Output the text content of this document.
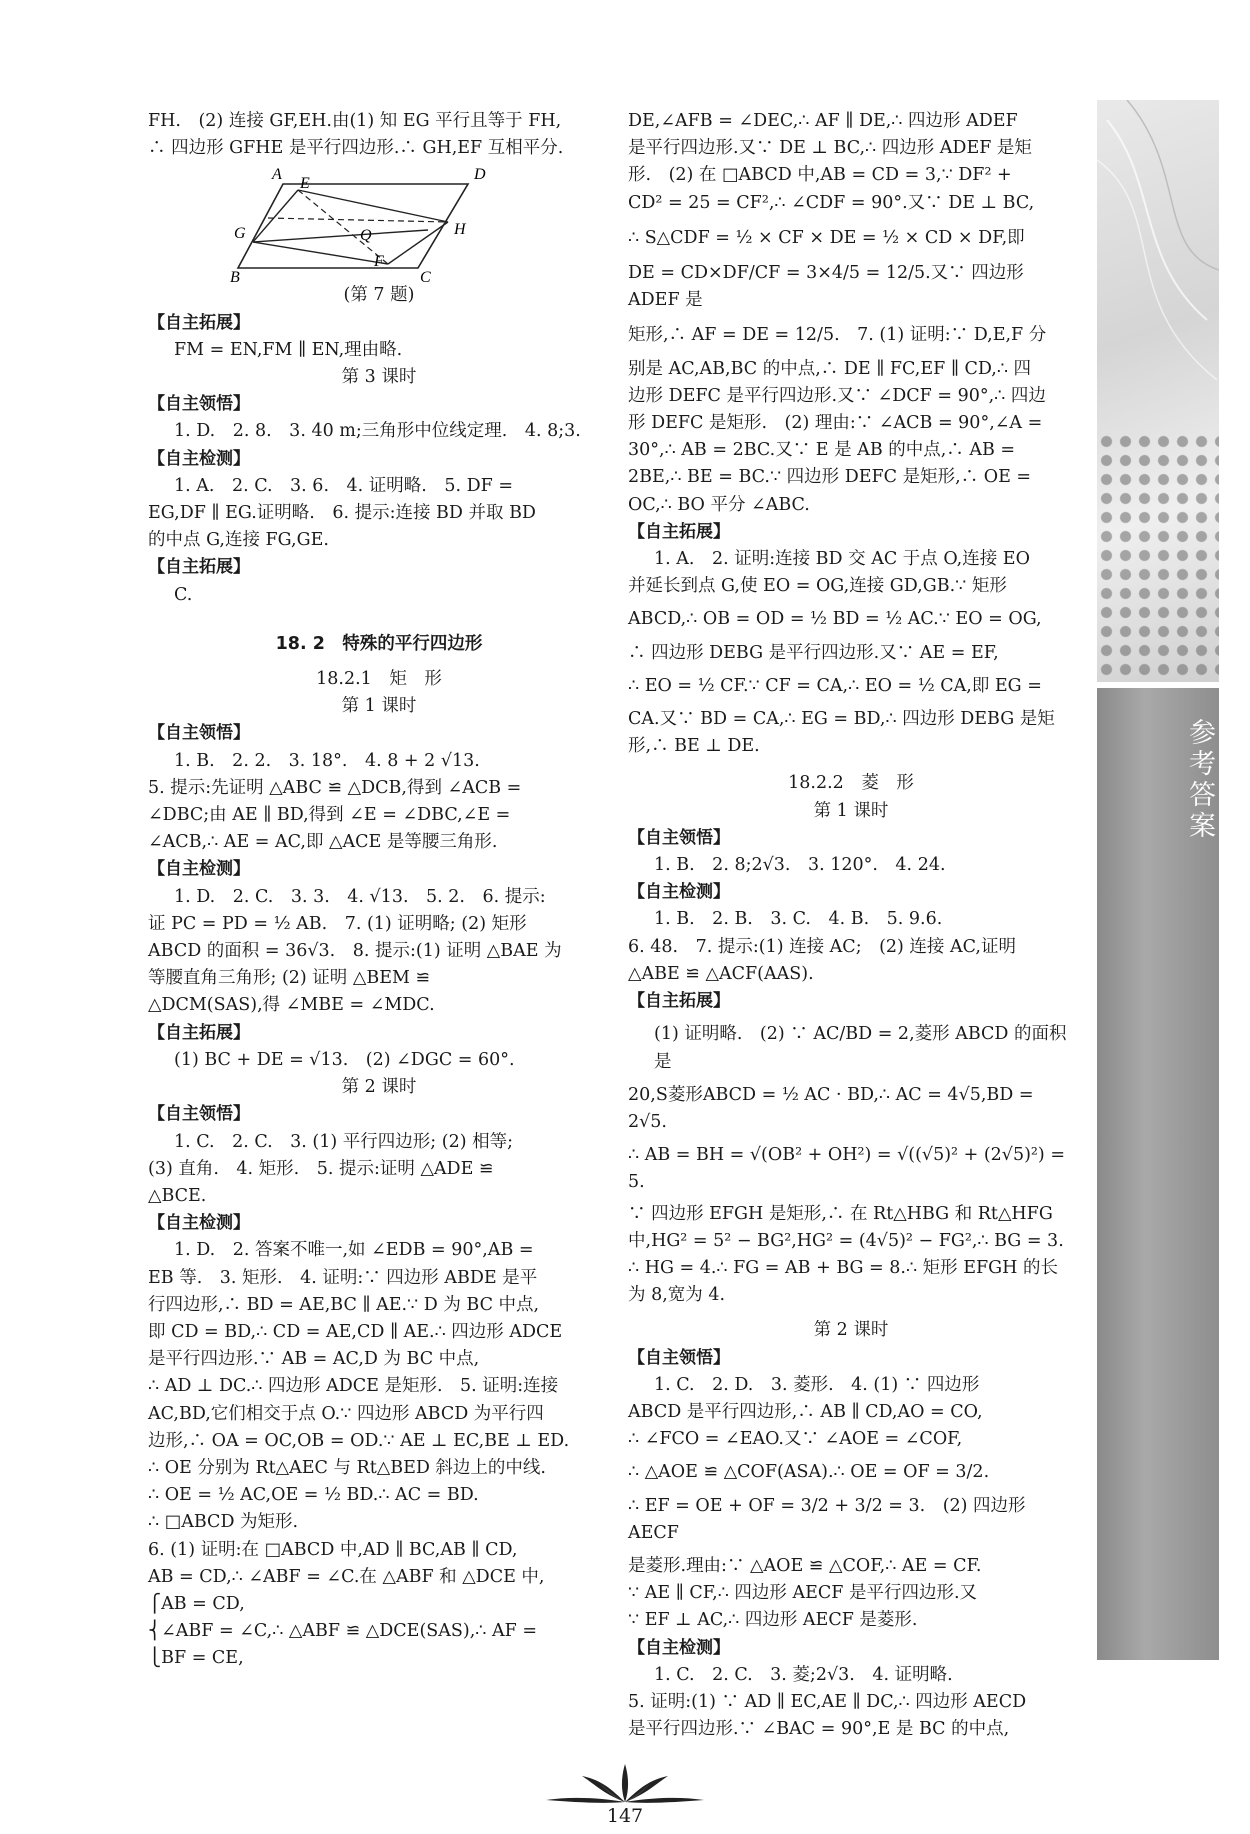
参考答案

FH.　(2) 连接 GF,EH.由(1) 知 EG 平行且等于 FH,

∴ 四边形 GFHE 是平行四边形.∴ GH,EF 互相平分.

A	D
E
G	Q	H
F
B	C

(第 7 题)

【自主拓展】

FM = EN,FM ∥ EN,理由略.

第 3 课时

【自主领悟】

1. D.　2. 8.　3. 40 m;三角形中位线定理.　4. 8;3.

【自主检测】

1. A.　2. C.　3. 6.　4. 证明略.　5. DF =

EG,DF ∥ EG.证明略.　6. 提示:连接 BD 并取 BD

的中点 G,连接 FG,GE.

【自主拓展】

C.

18. 2　特殊的平行四边形

18.2.1　矩　形

第 1 课时

【自主领悟】

1. B.　2. 2.　3. 18°.　4. 8 + 2 √13.

5. 提示:先证明 △ABC ≌ △DCB,得到 ∠ACB =

∠DBC;由 AE ∥ BD,得到 ∠E = ∠DBC,∠E =

∠ACB,∴ AE = AC,即 △ACE 是等腰三角形.

【自主检测】

1. D.　2. C.　3. 3.　4. √13.　5. 2.　6. 提示:

证 PC = PD = ½ AB.　7. (1) 证明略; (2) 矩形

ABCD 的面积 = 36√3.　8. 提示:(1) 证明 △BAE 为

等腰直角三角形; (2) 证明 △BEM ≌

△DCM(SAS),得 ∠MBE = ∠MDC.

【自主拓展】

(1) BC + DE = √13.　(2) ∠DGC = 60°.

第 2 课时

【自主领悟】

1. C.　2. C.　3. (1) 平行四边形; (2) 相等;

(3) 直角.　4. 矩形.　5. 提示:证明 △ADE ≌

△BCE.

【自主检测】

1. D.　2. 答案不唯一,如 ∠EDB = 90°,AB =

EB 等.　3. 矩形.　4. 证明:∵ 四边形 ABDE 是平

行四边形,∴ BD = AE,BC ∥ AE.∵ D 为 BC 中点,

即 CD = BD,∴ CD = AE,CD ∥ AE.∴ 四边形 ADCE

是平行四边形.∵ AB = AC,D 为 BC 中点,

∴ AD ⊥ DC.∴ 四边形 ADCE 是矩形.　5. 证明:连接

AC,BD,它们相交于点 O.∵ 四边形 ABCD 为平行四

边形,∴ OA = OC,OB = OD.∵ AE ⊥ EC,BE ⊥ ED.

∴ OE 分别为 Rt△AEC 与 Rt△BED 斜边上的中线.

∴ OE = ½ AC,OE = ½ BD.∴ AC = BD.

∴ □ABCD 为矩形.

6. (1) 证明:在 □ABCD 中,AD ∥ BC,AB ∥ CD,

AB = CD,∴ ∠ABF = ∠C.在 △ABF 和 △DCE 中,

⎧AB = CD,

⎨∠ABF = ∠C,∴ △ABF ≌ △DCE(SAS),∴ AF =

⎩BF = CE,

DE,∠AFB = ∠DEC,∴ AF ∥ DE,∴ 四边形 ADEF

是平行四边形.又∵ DE ⊥ BC,∴ 四边形 ADEF 是矩

形.　(2) 在 □ABCD 中,AB = CD = 3,∵ DF² +

CD² = 25 = CF²,∴ ∠CDF = 90°.又∵ DE ⊥ BC,

∴ S△CDF = ½ × CF × DE = ½ × CD × DF,即

DE = CD×DF/CF = 3×4/5 = 12/5.又∵ 四边形 ADEF 是

矩形,∴ AF = DE = 12/5.　7. (1) 证明:∵ D,E,F 分

别是 AC,AB,BC 的中点,∴ DE ∥ FC,EF ∥ CD,∴ 四

边形 DEFC 是平行四边形.又∵ ∠DCF = 90°,∴ 四边

形 DEFC 是矩形.　(2) 理由:∵ ∠ACB = 90°,∠A =

30°,∴ AB = 2BC.又∵ E 是 AB 的中点,∴ AB =

2BE,∴ BE = BC.∵ 四边形 DEFC 是矩形,∴ OE =

OC,∴ BO 平分 ∠ABC.

【自主拓展】

1. A.　2. 证明:连接 BD 交 AC 于点 O,连接 EO

并延长到点 G,使 EO = OG,连接 GD,GB.∵ 矩形

ABCD,∴ OB = OD = ½ BD = ½ AC.∵ EO = OG,

∴ 四边形 DEBG 是平行四边形.又∵ AE = EF,

∴ EO = ½ CF.∵ CF = CA,∴ EO = ½ CA,即 EG =

CA.又∵ BD = CA,∴ EG = BD,∴ 四边形 DEBG 是矩

形,∴ BE ⊥ DE.

18.2.2　菱　形

第 1 课时

【自主领悟】

1. B.　2. 8;2√3.　3. 120°.　4. 24.

【自主检测】

1. B.　2. B.　3. C.　4. B.　5. 9.6.

6. 48.　7. 提示:(1) 连接 AC;　(2) 连接 AC,证明

△ABE ≌ △ACF(AAS).

【自主拓展】

(1) 证明略.　(2) ∵ AC/BD = 2,菱形 ABCD 的面积是

20,S菱形ABCD = ½ AC · BD,∴ AC = 4√5,BD = 2√5.

∴ AB = BH = √(OB² + OH²) = √((√5)² + (2√5)²) = 5.

∵ 四边形 EFGH 是矩形,∴ 在 Rt△HBG 和 Rt△HFG

中,HG² = 5² − BG²,HG² = (4√5)² − FG²,∴ BG = 3.

∴ HG = 4.∴ FG = AB + BG = 8.∴ 矩形 EFGH 的长

为 8,宽为 4.

第 2 课时

【自主领悟】

1. C.　2. D.　3. 菱形.　4. (1) ∵ 四边形

ABCD 是平行四边形,∴ AB ∥ CD,AO = CO,

∴ ∠FCO = ∠EAO.又∵ ∠AOE = ∠COF,

∴ △AOE ≌ △COF(ASA).∴ OE = OF = 3/2.

∴ EF = OE + OF = 3/2 + 3/2 = 3.　(2) 四边形 AECF

是菱形.理由:∵ △AOE ≌ △COF,∴ AE = CF.

∵ AE ∥ CF,∴ 四边形 AECF 是平行四边形.又

∵ EF ⊥ AC,∴ 四边形 AECF 是菱形.

【自主检测】

1. C.　2. C.　3. 菱;2√3.　4. 证明略.

5. 证明:(1) ∵ AD ∥ EC,AE ∥ DC,∴ 四边形 AECD

是平行四边形.∵ ∠BAC = 90°,E 是 BC 的中点,

147
